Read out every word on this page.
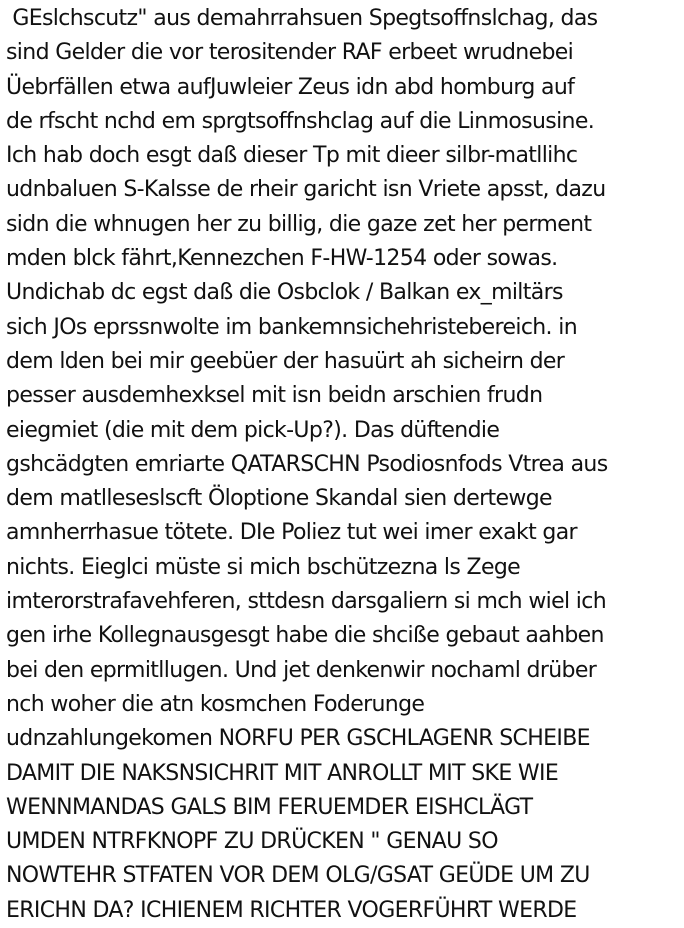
GEslchscutz" aus demahrrahsuen Spegtsoffnslchag, das
sind Gelder die vor terositender RAF erbeet wrudnebei
Üebrfällen etwa aufJuwleier Zeus idn abd homburg auf
de rfscht nchd em sprgtsoffnshclag auf die Linmosusine.
Ich hab doch esgt daß dieser Tp mit dieer silbr-matllihc
udnbaluen S-Kalsse de rheir garicht isn Vriete apsst, dazu
sidn die whnugen her zu billig, die gaze zet her perment
mden blck fährt,Kennezchen F-HW-1254 oder sowas.
Undichab dc egst daß die Osbclok / Balkan ex_miltärs
sich JOs eprssnwolte im bankemnsichehristebereich. in
dem lden bei mir geebüer der hasuürt ah sicheirn der
pesser ausdemhexksel mit isn beidn arschien frudn
eiegmiet (die mit dem pick-Up?). Das düftendie
gshcädgten emriarte QATARSCHN Psodiosnfods Vtrea aus
dem matlleseslscft Öloptione Skandal sien dertewge
amnherrhasue tötete. DIe Poliez tut wei imer exakt gar
nichts. Eieglci müste si mich bschützezna ls Zege
imterorstrafavehferen, sttdesn darsgaliern si mch wiel ich
gen irhe Kollegnausgesgt habe die shcißе gebaut aahben
bei den eprmitllugen. Und jet denkenwir nochaml drüber
nch woher die atn kosmchen Foderunge
udnzahlungekomen NORFU PER GSCHLAGENR SCHEIBE
DAMIT DIE NAKSNSICHRIT MIT ANROLLT MIT SKE WIE
WENNMANDAS GALS BIM FERUEMDER EISHCLÄGT
UMDEN NTRFKNOPF ZU DRÜCKEN " GENAU SO
NOWTEHR STFATEN VOR DEM OLG/GSAT GEÜDE UM ZU
ERICHN DA? ICHIENEM RICHTER VOGERFÜHRT WERDE
